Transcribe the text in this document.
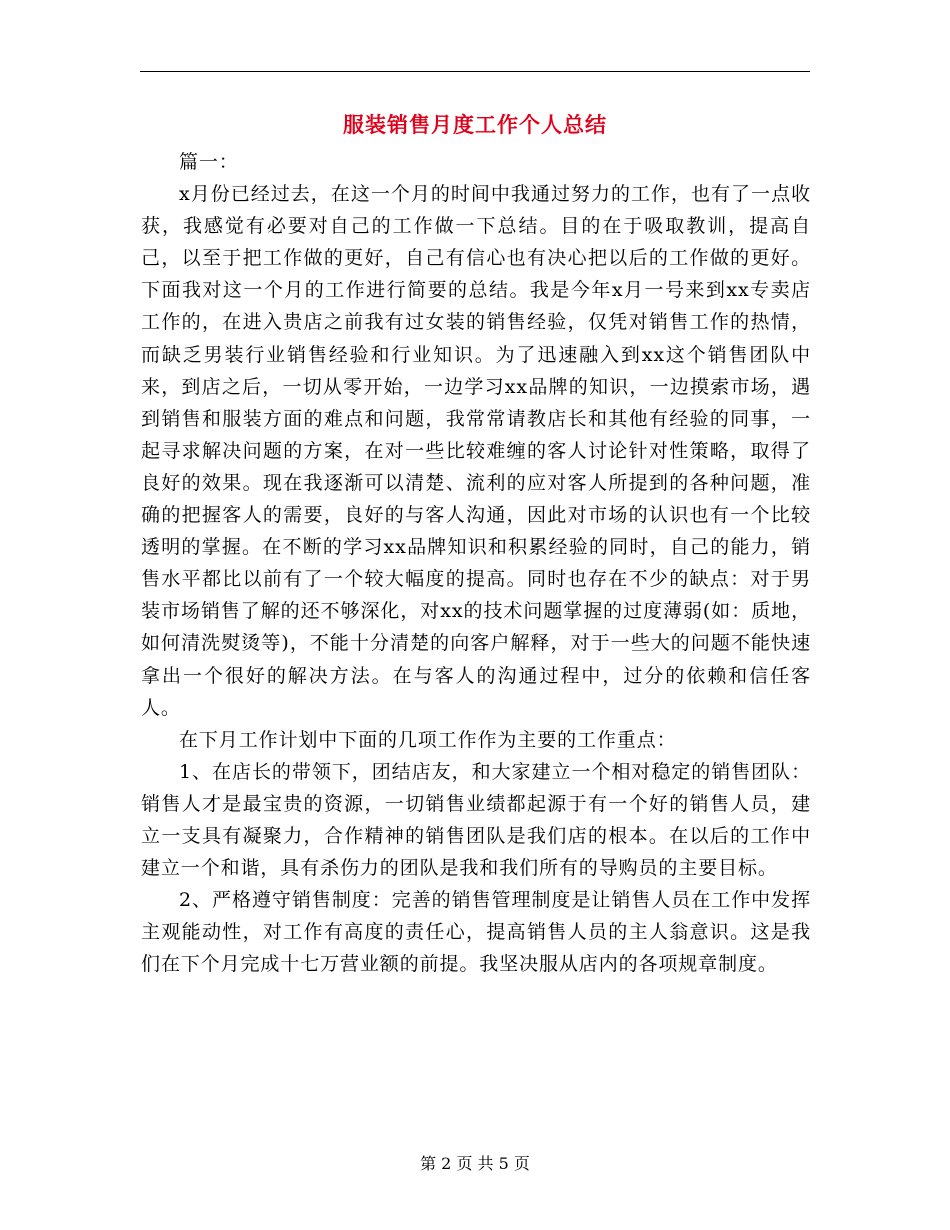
服装销售月度工作个人总结

篇一：

x月份已经过去，在这一个月的时间中我通过努力的工作，也有了一点收获，我感觉有必要对自己的工作做一下总结。目的在于吸取教训，提高自己，以至于把工作做的更好，自己有信心也有决心把以后的工作做的更好。下面我对这一个月的工作进行简要的总结。我是今年x月一号来到xx专卖店工作的，在进入贵店之前我有过女装的销售经验，仅凭对销售工作的热情，而缺乏男装行业销售经验和行业知识。为了迅速融入到xx这个销售团队中来，到店之后，一切从零开始，一边学习xx品牌的知识，一边摸索市场，遇到销售和服装方面的难点和问题，我常常请教店长和其他有经验的同事，一起寻求解决问题的方案，在对一些比较难缠的客人讨论针对性策略，取得了良好的效果。现在我逐渐可以清楚、流利的应对客人所提到的各种问题，准确的把握客人的需要，良好的与客人沟通，因此对市场的认识也有一个比较透明的掌握。在不断的学习xx品牌知识和积累经验的同时，自己的能力，销售水平都比以前有了一个较大幅度的提高。同时也存在不少的缺点：对于男装市场销售了解的还不够深化，对xx的技术问题掌握的过度薄弱(如：质地，如何清洗熨烫等)，不能十分清楚的向客户解释，对于一些大的问题不能快速拿出一个很好的解决方法。在与客人的沟通过程中，过分的依赖和信任客人。

在下月工作计划中下面的几项工作作为主要的工作重点：

1、在店长的带领下，团结店友，和大家建立一个相对稳定的销售团队：销售人才是最宝贵的资源，一切销售业绩都起源于有一个好的销售人员，建立一支具有凝聚力，合作精神的销售团队是我们店的根本。在以后的工作中建立一个和谐，具有杀伤力的团队是我和我们所有的导购员的主要目标。

2、严格遵守销售制度：完善的销售管理制度是让销售人员在工作中发挥主观能动性，对工作有高度的责任心，提高销售人员的主人翁意识。这是我们在下个月完成十七万营业额的前提。我坚决服从店内的各项规章制度。

第 2 页 共 5 页
